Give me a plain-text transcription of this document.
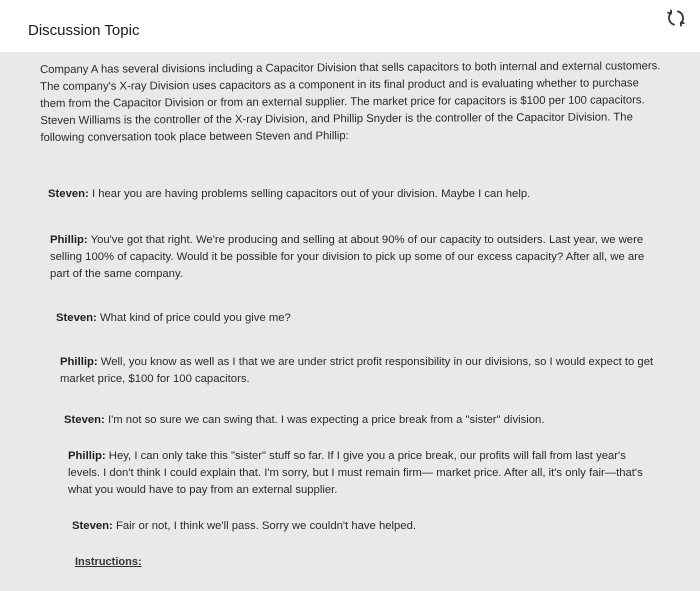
Discussion Topic

Company A has several divisions including a Capacitor Division that sells capacitors to both internal and external customers. The company's X-ray Division uses capacitors as a component in its final product and is evaluating whether to purchase them from the Capacitor Division or from an external supplier. The market price for capacitors is $100 per 100 capacitors. Steven Williams is the controller of the X-ray Division, and Phillip Snyder is the controller of the Capacitor Division. The following conversation took place between Steven and Phillip:

Steven: I hear you are having problems selling capacitors out of your division. Maybe I can help.

Phillip: You've got that right. We're producing and selling at about 90% of our capacity to outsiders. Last year, we were selling 100% of capacity. Would it be possible for your division to pick up some of our excess capacity? After all, we are part of the same company.

Steven: What kind of price could you give me?

Phillip: Well, you know as well as I that we are under strict profit responsibility in our divisions, so I would expect to get market price, $100 for 100 capacitors.

Steven: I'm not so sure we can swing that. I was expecting a price break from a "sister" division.

Phillip: Hey, I can only take this "sister" stuff so far. If I give you a price break, our profits will fall from last year's levels. I don't think I could explain that. I'm sorry, but I must remain firm— market price. After all, it's only fair—that's what you would have to pay from an external supplier.

Steven: Fair or not, I think we'll pass. Sorry we couldn't have helped.

Instructions:
